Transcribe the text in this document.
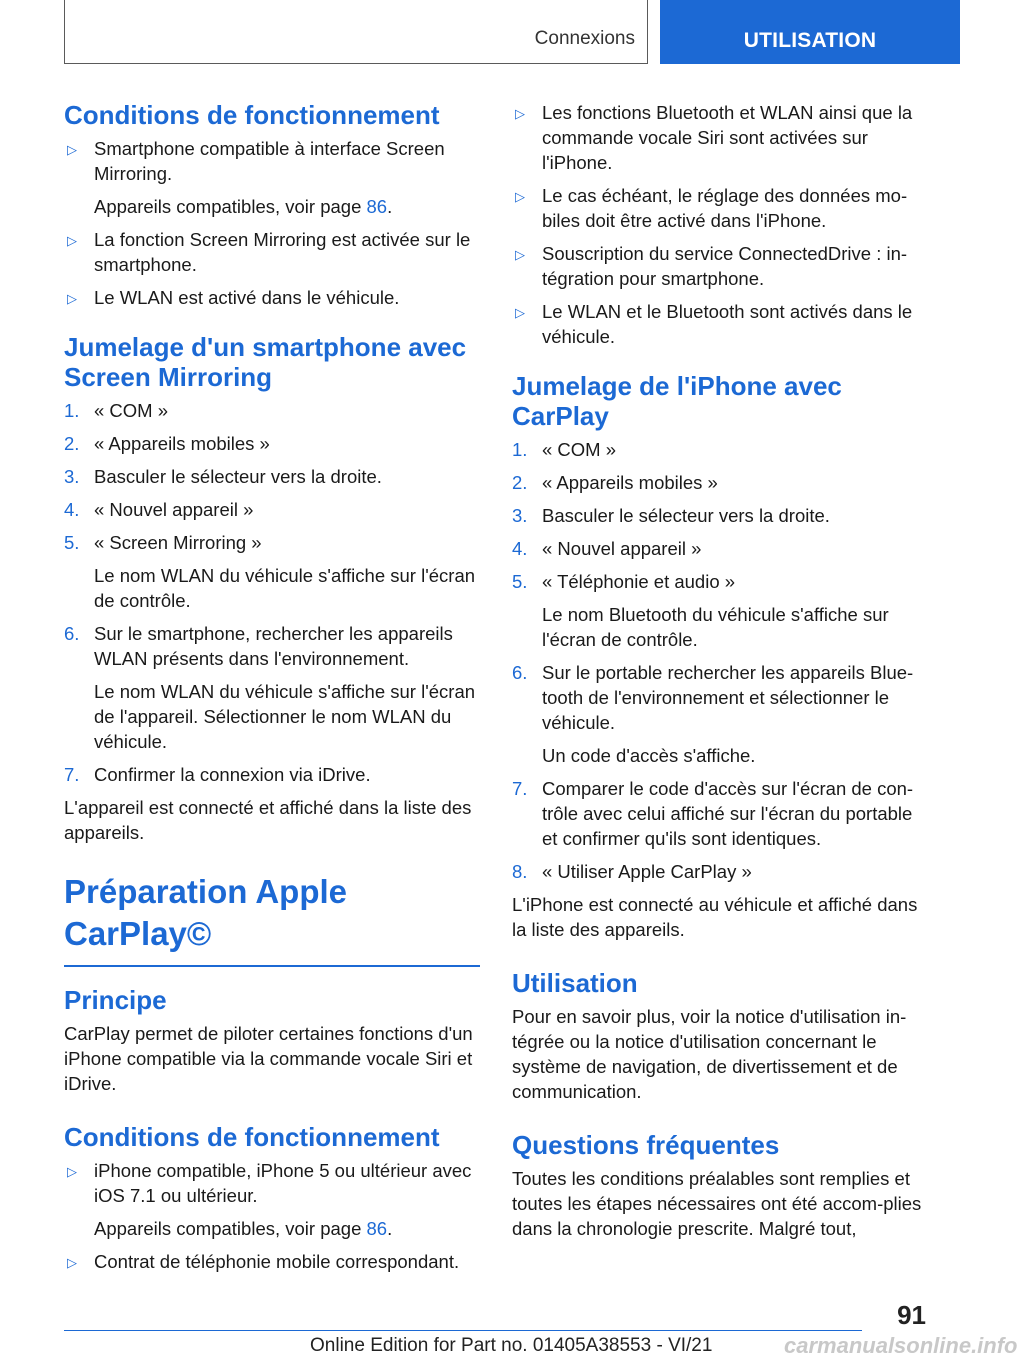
Connexions	UTILISATION
Conditions de fonctionnement
▷ Smartphone compatible à interface Screen Mirroring.
Appareils compatibles, voir page 86.
▷ La fonction Screen Mirroring est activée sur le smartphone.
▷ Le WLAN est activé dans le véhicule.
Jumelage d'un smartphone avec Screen Mirroring
1. « COM »
2. « Appareils mobiles »
3. Basculer le sélecteur vers la droite.
4. « Nouvel appareil »
5. « Screen Mirroring »
Le nom WLAN du véhicule s'affiche sur l'écran de contrôle.
6. Sur le smartphone, rechercher les appareils WLAN présents dans l'environnement.
Le nom WLAN du véhicule s'affiche sur l'écran de l'appareil. Sélectionner le nom WLAN du véhicule.
7. Confirmer la connexion via iDrive.
L'appareil est connecté et affiché dans la liste des appareils.
Préparation Apple CarPlay©
Principe
CarPlay permet de piloter certaines fonctions d'un iPhone compatible via la commande vocale Siri et iDrive.
Conditions de fonctionnement
▷ iPhone compatible, iPhone 5 ou ultérieur avec iOS 7.1 ou ultérieur.
Appareils compatibles, voir page 86.
▷ Contrat de téléphonie mobile correspondant.
▷ Les fonctions Bluetooth et WLAN ainsi que la commande vocale Siri sont activées sur l'iPhone.
▷ Le cas échéant, le réglage des données mo-biles doit être activé dans l'iPhone.
▷ Souscription du service ConnectedDrive : in-tégration pour smartphone.
▷ Le WLAN et le Bluetooth sont activés dans le véhicule.
Jumelage de l'iPhone avec CarPlay
1. « COM »
2. « Appareils mobiles »
3. Basculer le sélecteur vers la droite.
4. « Nouvel appareil »
5. « Téléphonie et audio »
Le nom Bluetooth du véhicule s'affiche sur l'écran de contrôle.
6. Sur le portable rechercher les appareils Blue-tooth de l'environnement et sélectionner le véhicule.
Un code d'accès s'affiche.
7. Comparer le code d'accès sur l'écran de con-trôle avec celui affiché sur l'écran du portable et confirmer qu'ils sont identiques.
8. « Utiliser Apple CarPlay »
L'iPhone est connecté au véhicule et affiché dans la liste des appareils.
Utilisation
Pour en savoir plus, voir la notice d'utilisation in-tégrée ou la notice d'utilisation concernant le système de navigation, de divertissement et de communication.
Questions fréquentes
Toutes les conditions préalables sont remplies et toutes les étapes nécessaires ont été accom-plies dans la chronologie prescrite. Malgré tout,
91
Online Edition for Part no. 01405A38553 - VI/21	carmanualsonline.info
